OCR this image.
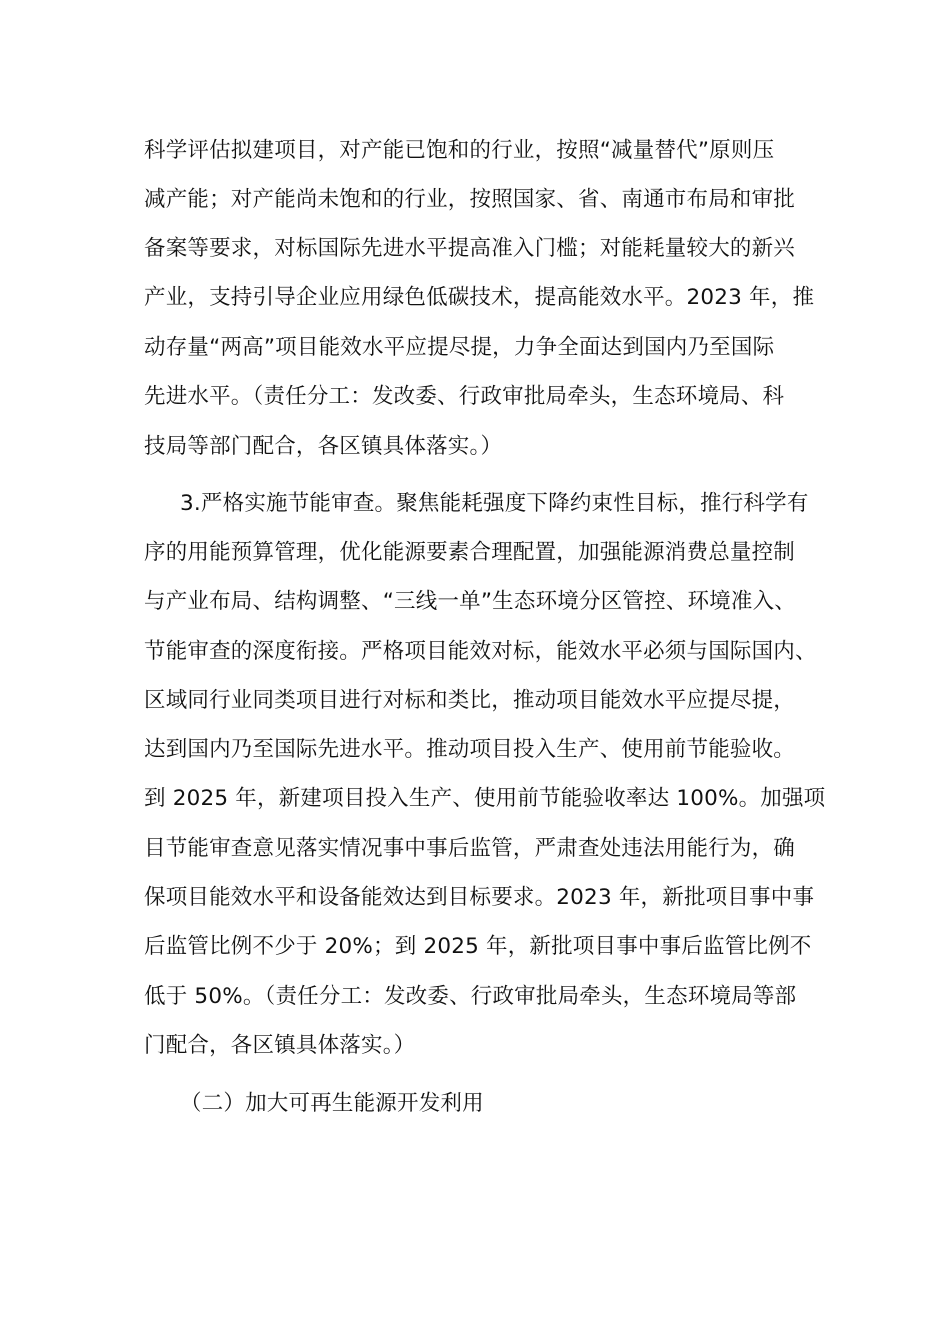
科学评估拟建项目，对产能已饱和的行业，按照“减量替代”原则压
减产能；对产能尚未饱和的行业，按照国家、省、南通市布局和审批
备案等要求，对标国际先进水平提高准入门槛；对能耗量较大的新兴
产业，支持引导企业应用绿色低碳技术，提高能效水平。2023 年，推
动存量“两高”项目能效水平应提尽提，力争全面达到国内乃至国际
先进水平。（责任分工：发改委、行政审批局牵头，生态环境局、科
技局等部门配合，各区镇具体落实。）
3.严格实施节能审查。聚焦能耗强度下降约束性目标，推行科学有
序的用能预算管理，优化能源要素合理配置，加强能源消费总量控制
与产业布局、结构调整、“三线一单”生态环境分区管控、环境准入、
节能审查的深度衔接。严格项目能效对标，能效水平必须与国际国内、
区域同行业同类项目进行对标和类比，推动项目能效水平应提尽提，
达到国内乃至国际先进水平。推动项目投入生产、使用前节能验收。
到 2025 年，新建项目投入生产、使用前节能验收率达 100%。加强项
目节能审查意见落实情况事中事后监管，严肃查处违法用能行为，确
保项目能效水平和设备能效达到目标要求。2023 年，新批项目事中事
后监管比例不少于 20%；到 2025 年，新批项目事中事后监管比例不
低于 50%。（责任分工：发改委、行政审批局牵头，生态环境局等部
门配合，各区镇具体落实。）
（二）加大可再生能源开发利用
